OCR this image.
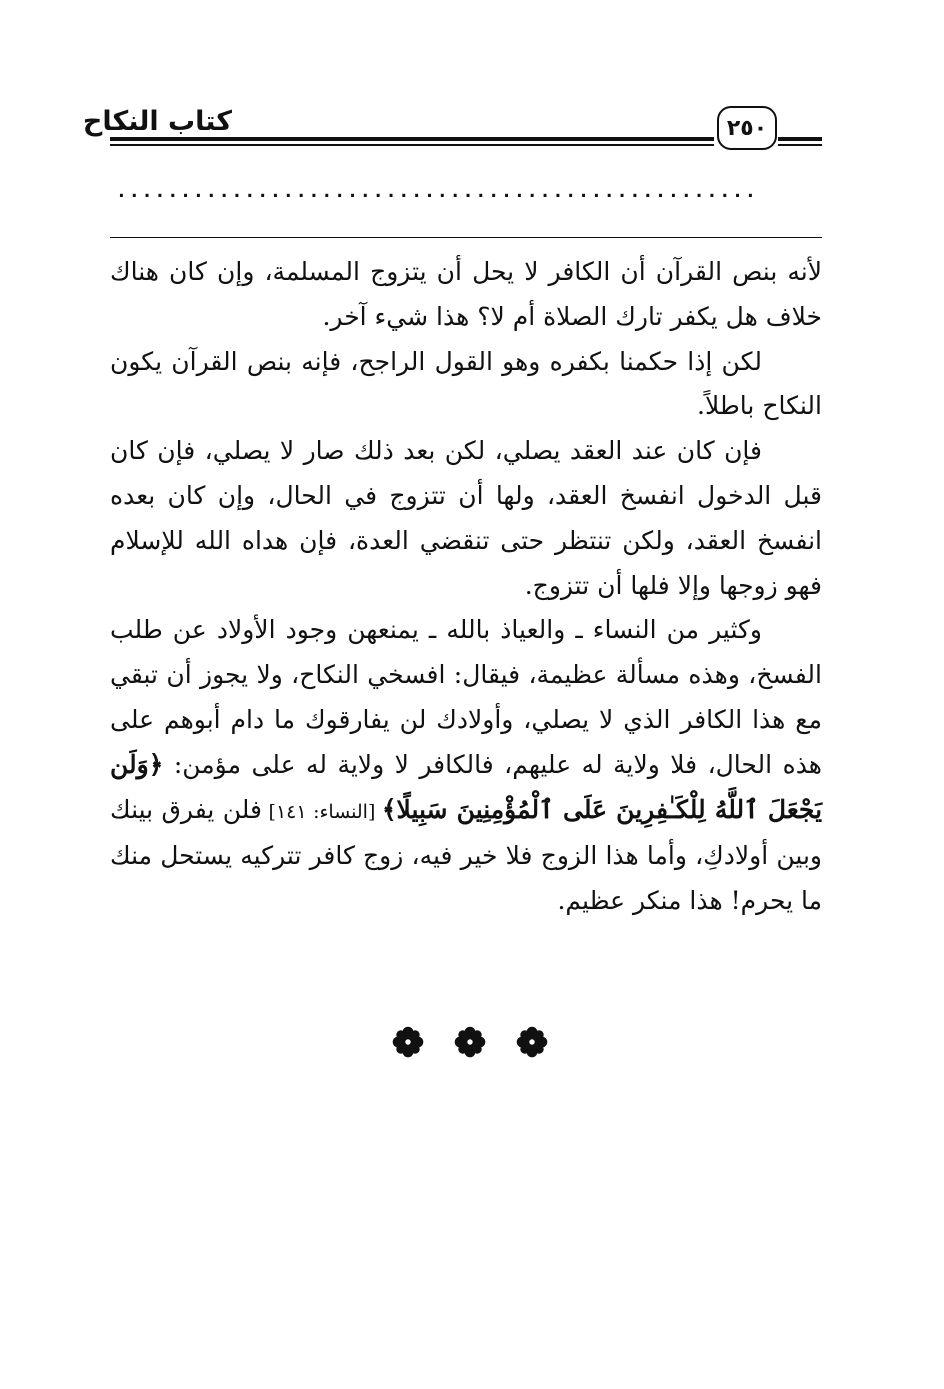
كتاب النكاح	٢٥٠
..................................................

لأنه بنص القرآن أن الكافر لا يحل أن يتزوج المسلمة، وإن كان هناك خلاف هل يكفر تارك الصلاة أم لا؟ هذا شيء آخر.

لكن إذا حكمنا بكفره وهو القول الراجح، فإنه بنص القرآن يكون النكاح باطلاً.

فإن كان عند العقد يصلي، لكن بعد ذلك صار لا يصلي، فإن كان قبل الدخول انفسخ العقد، ولها أن تتزوج في الحال، وإن كان بعده انفسخ العقد، ولكن تنتظر حتى تنقضي العدة، فإن هداه الله للإسلام فهو زوجها وإلا فلها أن تتزوج.

وكثير من النساء ـ والعياذ بالله ـ يمنعهن وجود الأولاد عن طلب الفسخ، وهذه مسألة عظيمة، فيقال: افسخي النكاح، ولا يجوز أن تبقي مع هذا الكافر الذي لا يصلي، وأولادك لن يفارقوك ما دام أبوهم على هذه الحال، فلا ولاية له عليهم، فالكافر لا ولاية له على مؤمن: ﴿وَلَن يَجْعَلَ ٱللَّهُ لِلْكَـٰفِرِينَ عَلَى ٱلْمُؤْمِنِينَ سَبِيلًا﴾ [النساء: ١٤١] فلن يفرق بينك وبين أولادكِ، وأما هذا الزوج فلا خير فيه، زوج كافر تتركيه يستحل منك ما يحرم! هذا منكر عظيم.
